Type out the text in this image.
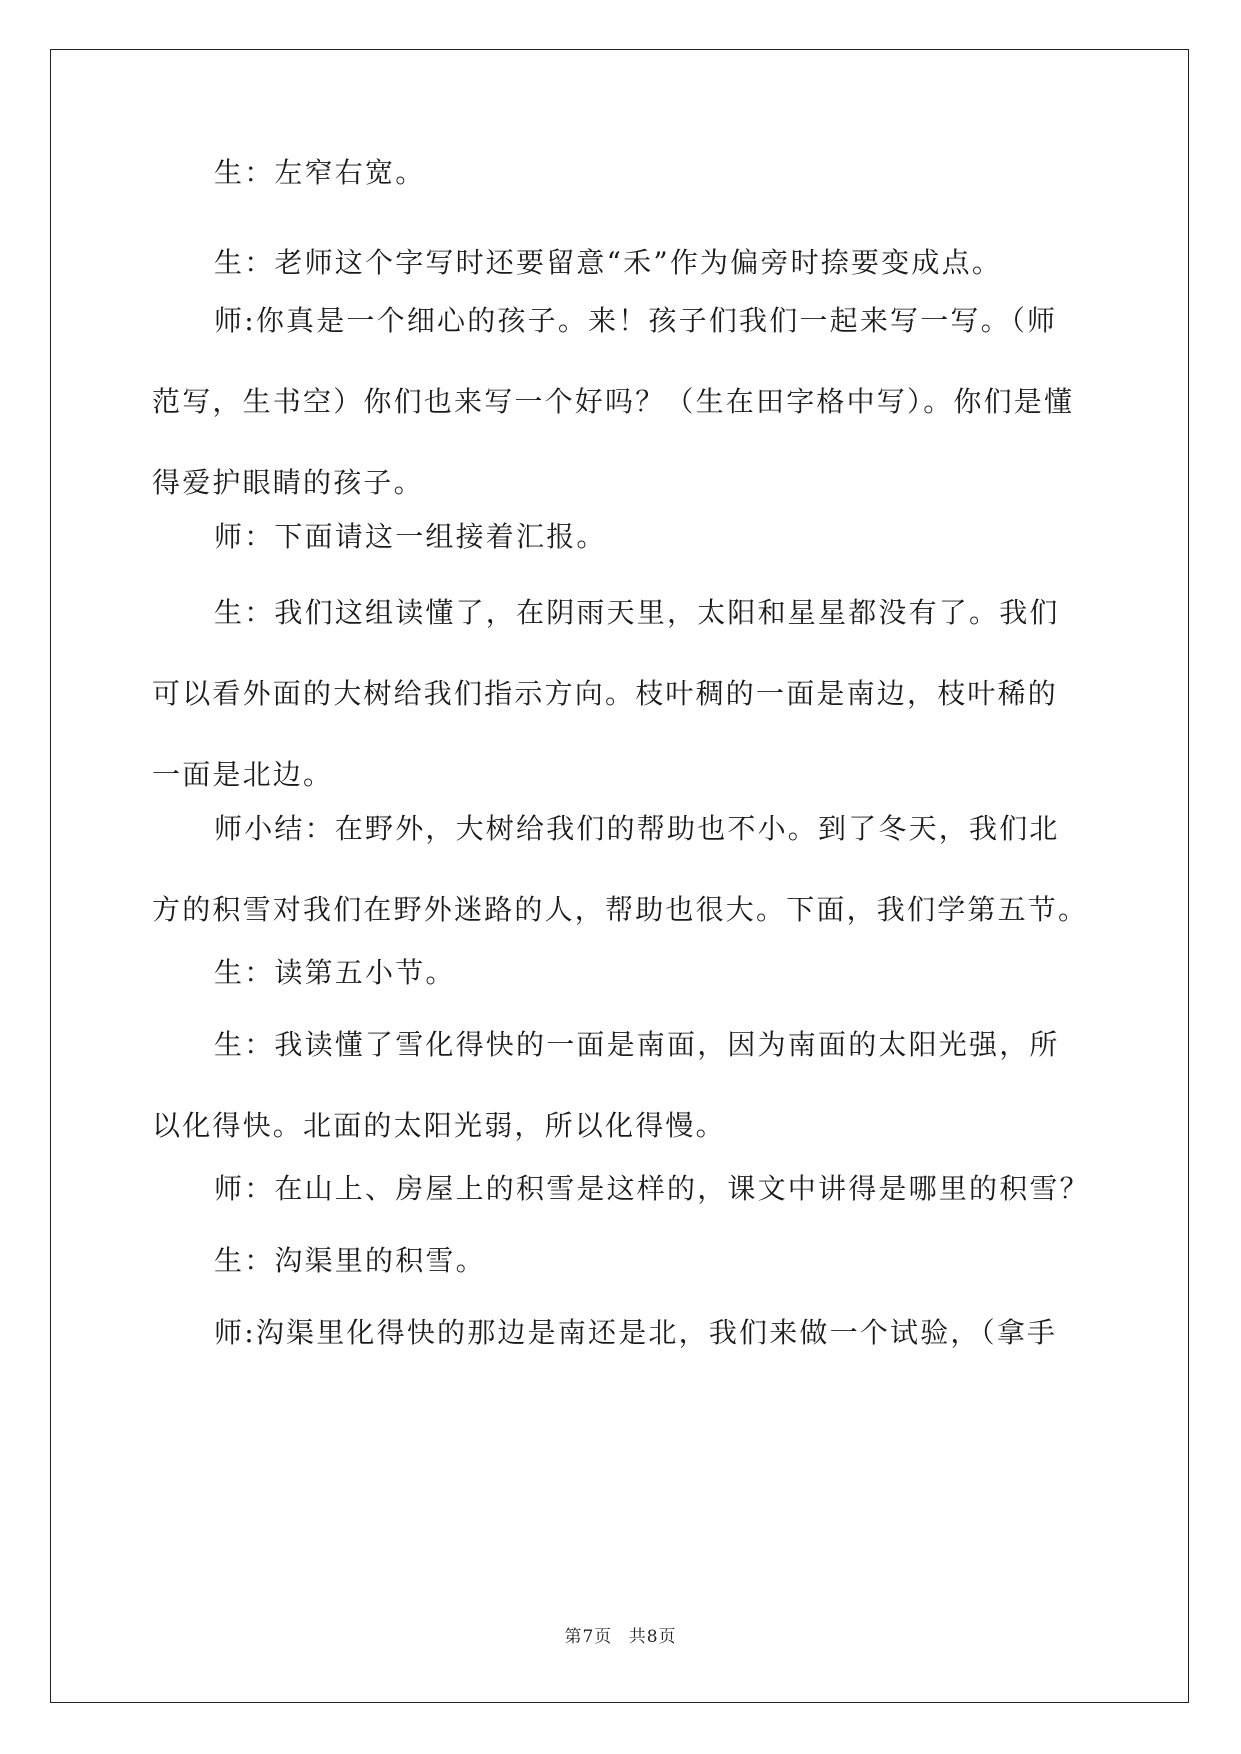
生：左窄右宽。

生：老师这个字写时还要留意“禾”作为偏旁时捺要变成点。

师:你真是一个细心的孩子。来！孩子们我们一起来写一写。（师
范写，生书空）你们也来写一个好吗？（生在田字格中写）。你们是懂
得爱护眼睛的孩子。

师：下面请这一组接着汇报。

生：我们这组读懂了，在阴雨天里，太阳和星星都没有了。我们
可以看外面的大树给我们指示方向。枝叶稠的一面是南边，枝叶稀的
一面是北边。

师小结：在野外，大树给我们的帮助也不小。到了冬天，我们北
方的积雪对我们在野外迷路的人，帮助也很大。下面，我们学第五节。

生：读第五小节。

生：我读懂了雪化得快的一面是南面，因为南面的太阳光强，所
以化得快。北面的太阳光弱，所以化得慢。

师：在山上、房屋上的积雪是这样的，课文中讲得是哪里的积雪？

生：沟渠里的积雪。

师:沟渠里化得快的那边是南还是北，我们来做一个试验，（拿手

第7页 共8页
